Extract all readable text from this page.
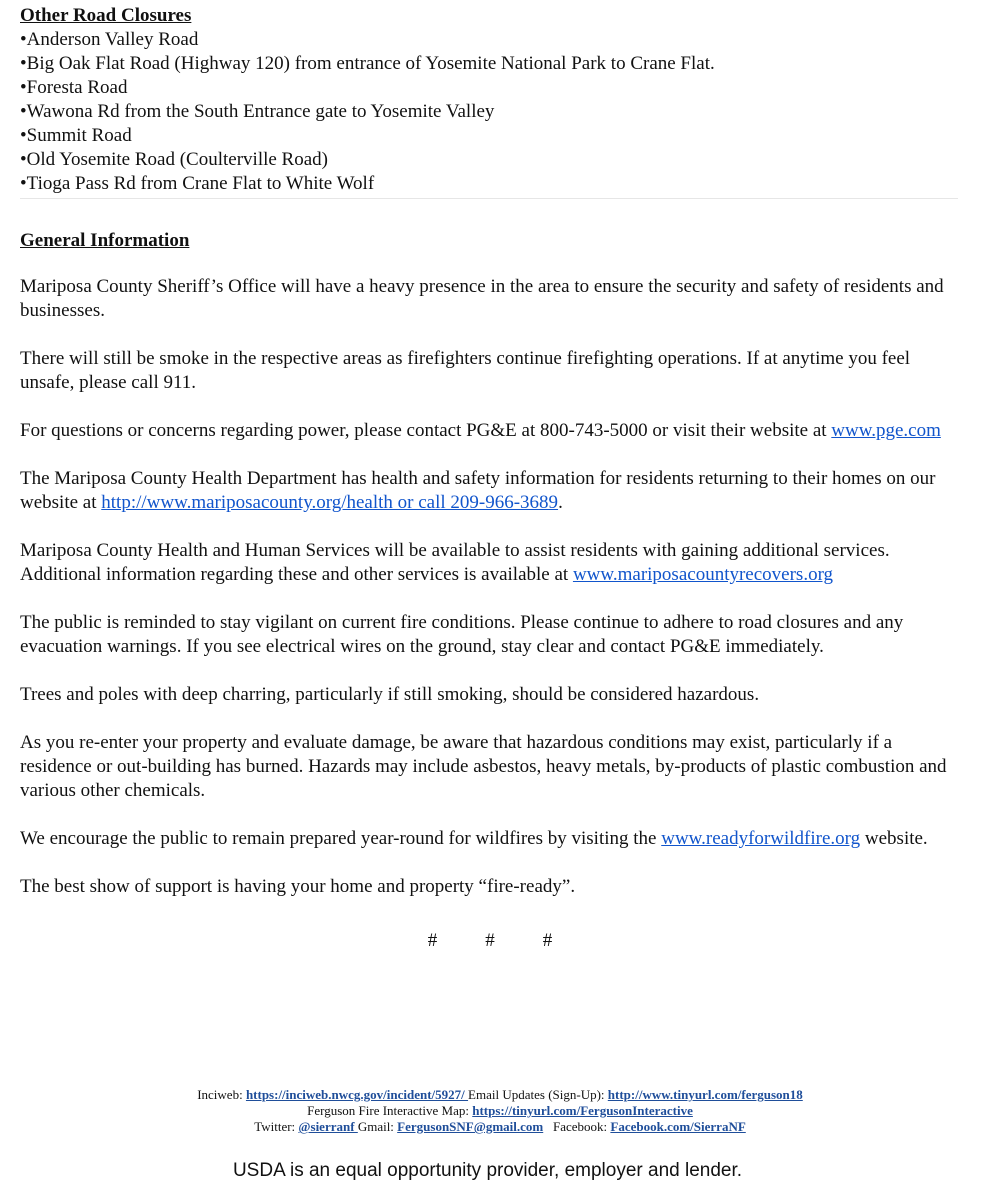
Other Road Closures
•Anderson Valley Road
•Big Oak Flat Road (Highway 120) from entrance of Yosemite National Park to Crane Flat.
•Foresta Road
•Wawona Rd from the South Entrance gate to Yosemite Valley
•Summit Road
•Old Yosemite Road (Coulterville Road)
•Tioga Pass Rd from Crane Flat to White Wolf
General Information

Mariposa County Sheriff’s Office will have a heavy presence in the area to ensure the security and safety of residents and businesses.

There will still be smoke in the respective areas as firefighters continue firefighting operations. If at anytime you feel unsafe, please call 911.

For questions or concerns regarding power, please contact PG&E at 800-743-5000 or visit their website at www.pge.com

The Mariposa County Health Department has health and safety information for residents returning to their homes on our website at http://www.mariposacounty.org/health or call 209-966-3689.

Mariposa County Health and Human Services will be available to assist residents with gaining additional services. Additional information regarding these and other services is available at www.mariposacountyrecovers.org

The public is reminded to stay vigilant on current fire conditions. Please continue to adhere to road closures and any evacuation warnings. If you see electrical wires on the ground, stay clear and contact PG&E immediately.

Trees and poles with deep charring, particularly if still smoking, should be considered hazardous.

As you re-enter your property and evaluate damage, be aware that hazardous conditions may exist, particularly if a residence or out-building has burned. Hazards may include asbestos, heavy metals, by-products of plastic combustion and various other chemicals.

We encourage the public to remain prepared year-round for wildfires by visiting the www.readyforwildfire.org website.

The best show of support is having your home and property “fire-ready”.

#	#	#
Inciweb: https://inciweb.nwcg.gov/incident/5927/ Email Updates (Sign-Up): http://www.tinyurl.com/ferguson18
Ferguson Fire Interactive Map: https://tinyurl.com/FergusonInteractive
Twitter: @sierranf Gmail: FergusonSNF@gmail.com   Facebook: Facebook.com/SierraNF
USDA is an equal opportunity provider, employer and lender.
